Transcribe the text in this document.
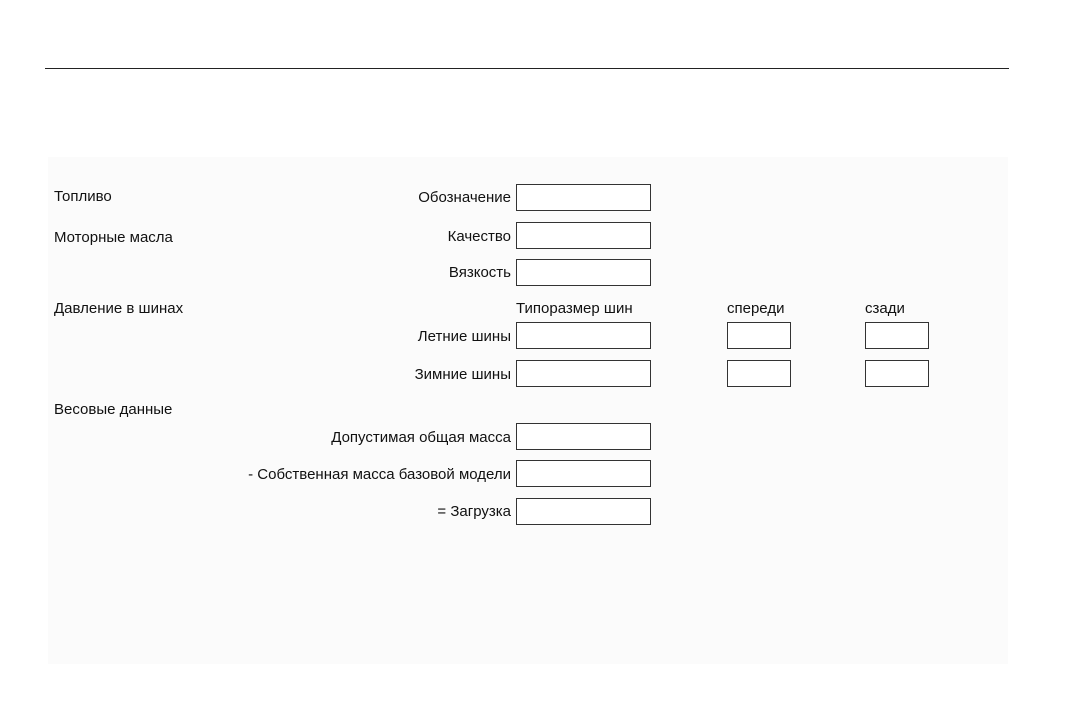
Топливо
Моторные масла
Давление в шинах
Весовые данные
Обозначение
Качество
Вязкость
Типоразмер шин	спереди	сзади
Летние шины
Зимние шины
Допустимая общая масса
- Собственная масса базовой модели
= Загрузка
